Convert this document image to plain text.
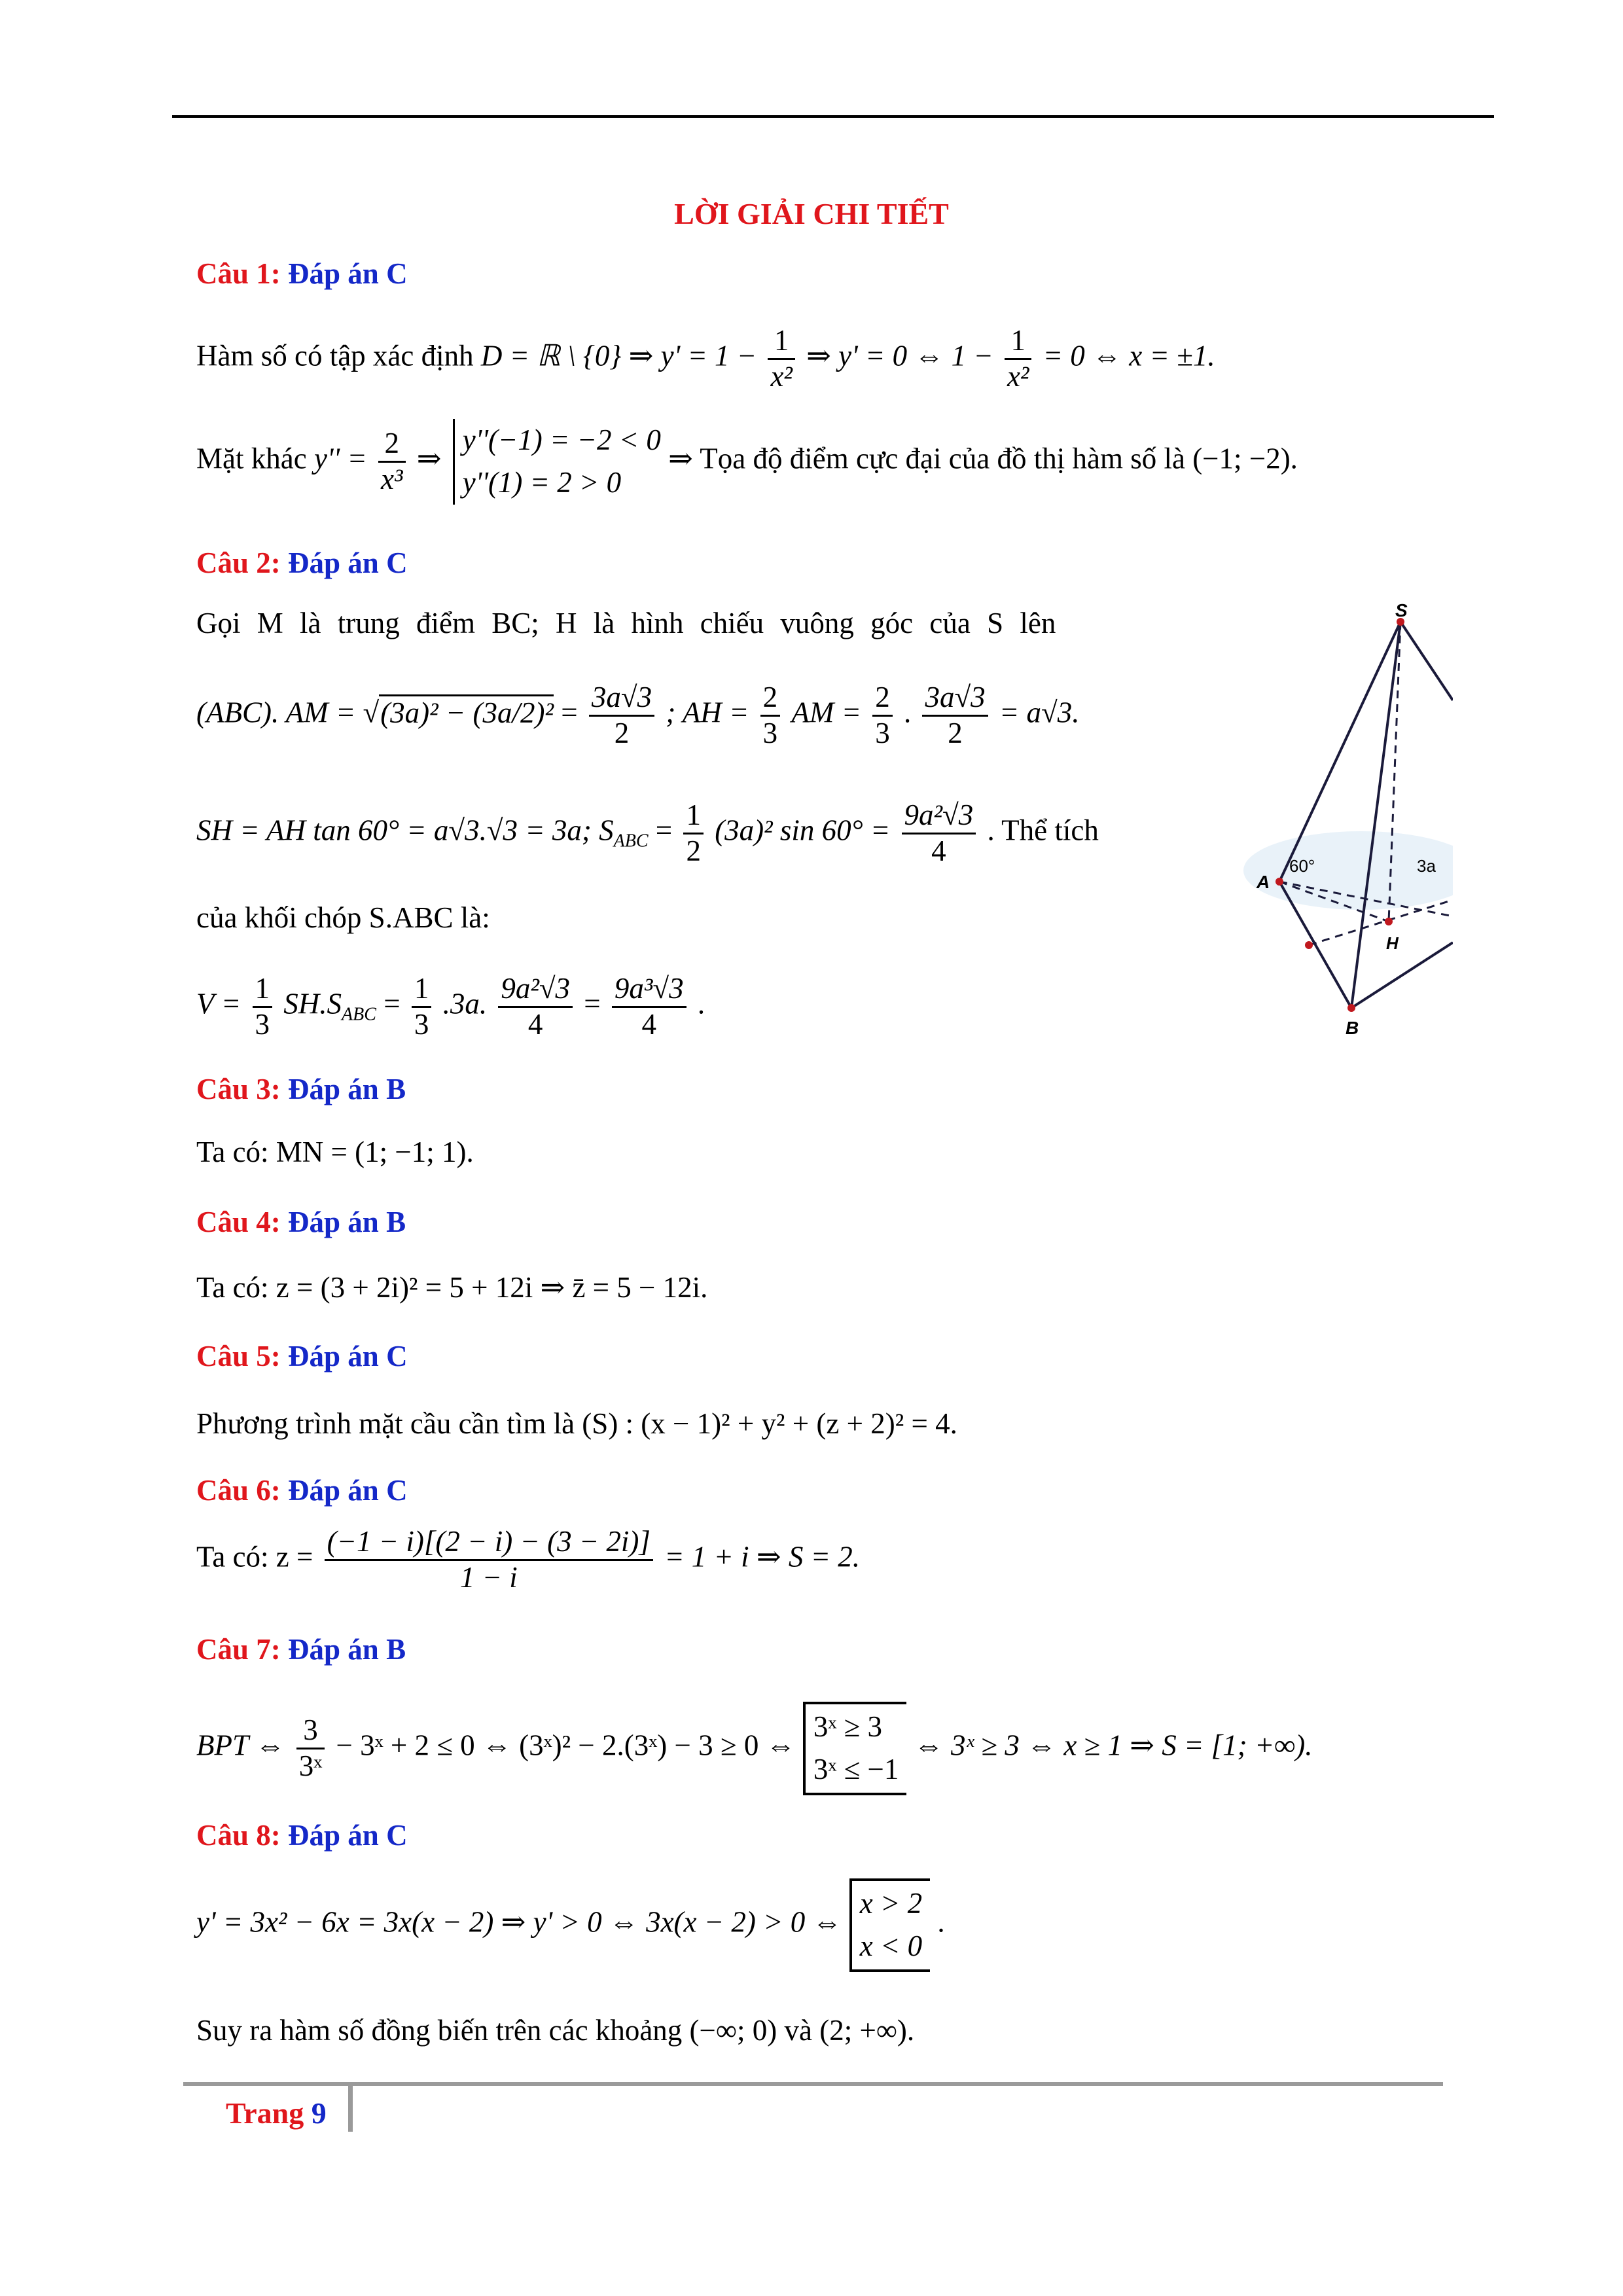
LỜI GIẢI CHI TIẾT
Câu 1: Đáp án C
Hàm số có tập xác định D = ℝ \ {0} ⇒ $y' = 1 - \frac{1}{\text{x²}}$ ⇒ y' = 0 ⇔ $1 - \frac{1}{\text{x²}} = 0$ ⇔ x = ±1.
Mặt khác $y'' = \frac{2}{\text{x³}}$ ⇒ y''(−1) = −2 < 0
y''(1) = 2 > 0 ⇒ Tọa độ điểm cực đại của đồ thị hàm số là (−1; −2).
Câu 2: Đáp án C
Gọi M là trung điểm BC; H là hình chiếu vuông góc của S lên
(ABC). AM = $√(3a)^2 - (3a/2)^2 = \frac{3a√3}{2}$ ; AH = $\frac{2}{3}$ AM = $\frac{2}{3}$ . $\frac{3a√3}{2} = a√3$.
SH = AH tan 60° = a√3.√3 = 3a; $S_{ABC} = \frac{1}{2} (3a)^2$ $\sin 60^\circ = \frac{\text{9a²√3}}{4}$ . Thể tích
của khối chóp S.ABC là:
$V = \frac{1}{3} SH.S_{ABC} = \frac{1}{3} .3a$. $\frac{\text{9a²√3}}{4} = \frac{\text{9a³√3}}{4}$ .
S
A
B
H
60°	3a
Câu 3: Đáp án B
Ta có: MN = (1; −1; 1).
Câu 4: Đáp án B
Ta có: z = (3 + 2i)² = 5 + 12i ⇒ z̄ = 5 − 12i.
Câu 5: Đáp án C
Phương trình mặt cầu cần tìm là (S) : (x − 1)² + y² + (z + 2)² = 4.
Câu 6: Đáp án C
Ta có: $z = \frac{(-1 - i)[(2 - i) - (3 - 2i)]}{1 - i} = 1 + i$ ⇒ S = 2.
Câu 7: Đáp án B
BPT ⇔ $\frac{3}{\text{3ˣ}}$ − 3ˣ + 2 ≤ 0 ⇔ (3ˣ)² − 2.(3ˣ) − 3 ≥ 0 ⇔ 3ˣ ≥ 3
3ˣ ≤ −1 ⇔ 3ˣ ≥ 3 ⇔ x ≥ 1 ⇒ S = [1; +∞).
Câu 8: Đáp án C
y' = 3x² − 6x = 3x(x − 2) ⇒ y' > 0 ⇔ 3x(x − 2) > 0 ⇔ x > 2
x < 0 .
Suy ra hàm số đồng biến trên các khoảng (−∞; 0) và (2; +∞).
Trang 9
